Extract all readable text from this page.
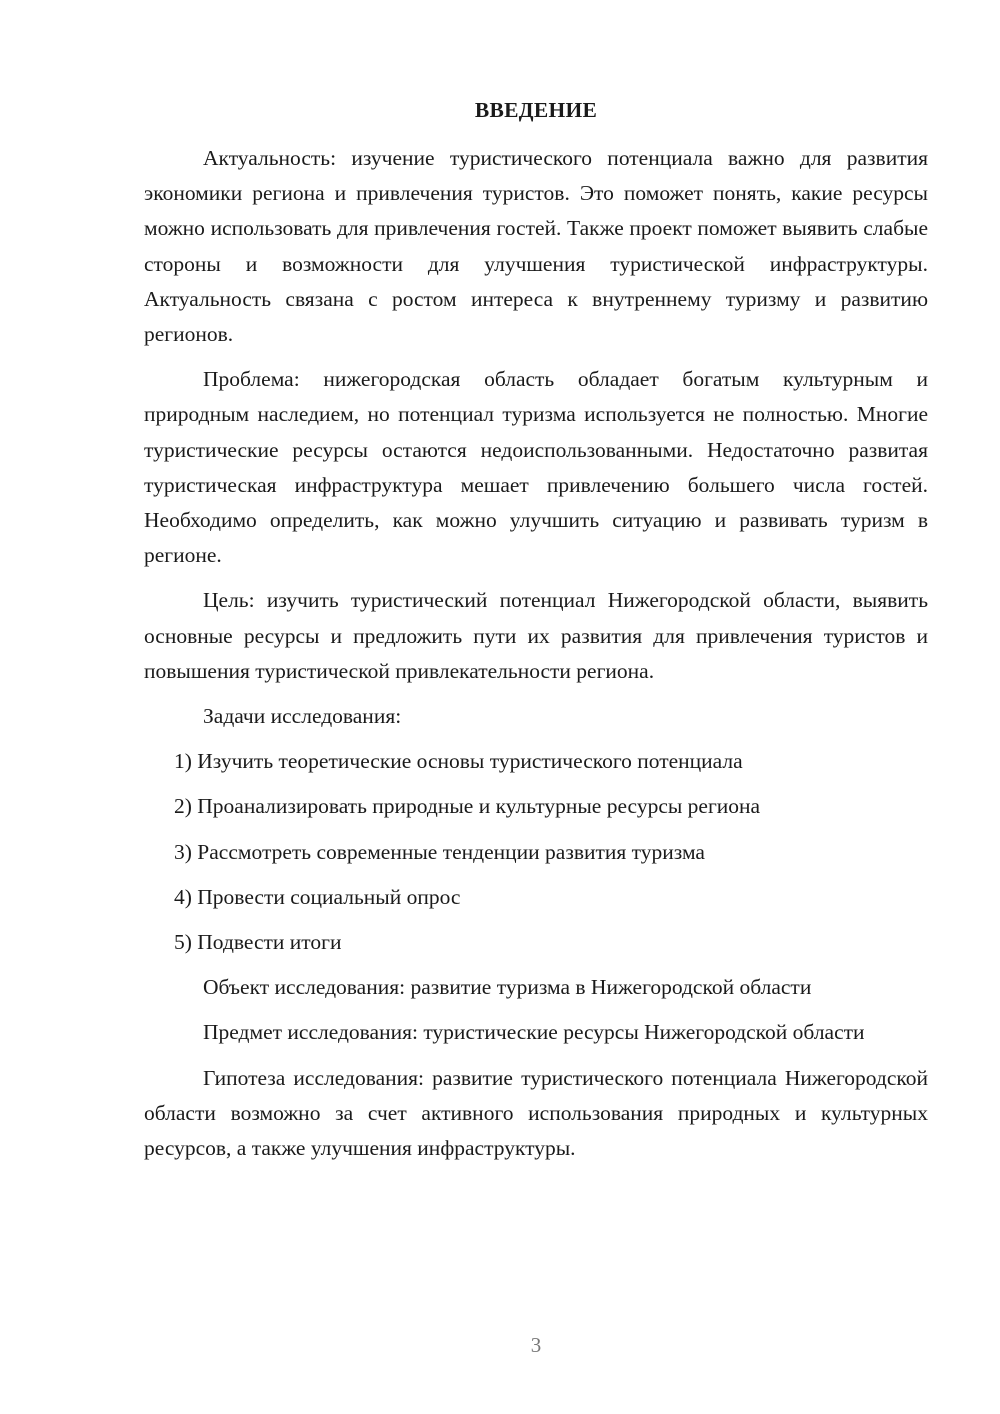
ВВЕДЕНИЕ

Актуальность: изучение туристического потенциала важно для развития экономики региона и привлечения туристов. Это поможет понять, какие ресурсы можно использовать для привлечения гостей. Также проект поможет выявить слабые стороны и возможности для улучшения туристической инфраструктуры. Актуальность связана с ростом интереса к внутреннему туризму и развитию регионов.

Проблема: нижегородская область обладает богатым культурным и природным наследием, но потенциал туризма используется не полностью. Многие туристические ресурсы остаются недоиспользованными. Недостаточно развитая туристическая инфраструктура мешает привлечению большего числа гостей. Необходимо определить, как можно улучшить ситуацию и развивать туризм в регионе.

Цель: изучить туристический потенциал Нижегородской области, выявить основные ресурсы и предложить пути их развития для привлечения туристов и повышения туристической привлекательности региона.

Задачи исследования:

1) Изучить теоретические основы туристического потенциала
2) Проанализировать природные и культурные ресурсы региона
3) Рассмотреть современные тенденции развития туризма
4) Провести социальный опрос
5) Подвести итоги

Объект исследования: развитие туризма в Нижегородской области

Предмет исследования: туристические ресурсы Нижегородской области

Гипотеза исследования: развитие туристического потенциала Нижегородской области возможно за счет активного использования природных и культурных ресурсов, а также улучшения инфраструктуры.

3
